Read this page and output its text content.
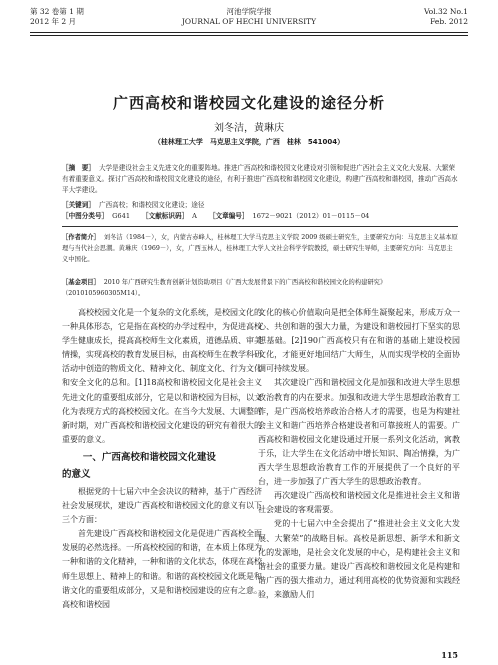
第 32 卷第 1 期
2012 年 2 月
河池学院学报
JOURNAL OF HECHI UNIVERSITY
Vol.32 No.1
Feb. 2012
广西高校和谐校园文化建设的途径分析
刘冬洁，黄琳庆
（桂林理工大学　马克思主义学院，广西　桂林　541004）
［摘　要］ 大学是建设社会主义先进文化的重要阵地。推进广西高校和谐校园文化建设对引领和促进广西社会主义文化大发展、大繁荣有着重要意义。探讨广西高校和谐校园文化建设的途径，有利于推进广西高校和谐校园文化建设，构建广西高校和谐校园，推动广西高水平大学建设。
［关键词］ 广西高校；和谐校园文化建设；途径
［中图分类号］ G641 ［文献标识码］ A ［文章编号］ 1672－9021（2012）01－0115－04
［作者简介］ 刘冬洁（1984－），女，内蒙古赤峰人，桂林理工大学马克思主义学院 2009 级硕士研究生，主要研究方向：马克思主义基本原理与当代社会思潮。黄琳庆（1969－），女，广西玉林人，桂林理工大学人文社会科学学院教授，硕士研究生导师，主要研究方向：马克思主义中国化。
［基金项目］ 2010 年广西研究生教育创新计划资助项目《广西大发展背景下的广西高校和谐校园文化的构建研究》（2010105960305M14）。

高校校园文化是一个复杂的文化系统，是校园文化的一种具体形态，它是指在高校的办学过程中，为促进高校学生健康成长，提高高校师生文化素质，道德品质、审美情操，实现高校的教育发展目标，由高校师生在教学科研活动中创造的物质文化、精神文化、制度文化、行为文化和安全文化的总和。[1]18高校和谐校园文化是社会主义先进文化的重要组成部分，它是以和谐校园为目标，以文化为表现方式的高校校园文化。在当今大发展、大调整的新时期，对广西高校和谐校园文化建设的研究有着很大的重要的意义。

一、广西高校和谐校园文化建设
的意义

根据党的十七届六中全会决议的精神，基于广西经济社会发展现状，建设广西高校和谐校园文化的意义有以下三个方面：

首先建设广西高校和谐校园文化是促进广西高校全面发展的必然选择。一所高校校园的和谐，在本质上体现为一种和谐的文化精神，一种和谐的文化状态，体现在高校师生思想上、精神上的和谐。和谐的高校校园文化既是和谐文化的重要组成部分，又是和谐校园建设的应有之意。高校和谐校园

文化的核心价值取向是把全体师生凝聚起来，形成万众一心、共创和谐的强大力量，为建设和谐校园打下坚实的思想基础。[2]190广西高校只有在和谐的基础上建设校园文化，才能更好地回结广大师生，从而实现学校的全面协调可持续发展。

其次建设广西和谐校园文化是加强和改进大学生思想政治教育的内在要求。加强和改进大学生思想政治教育工作，是广西高校培养政治合格人才的需要，也是为构建社会主义和谐广西培养合格建设者和可靠接班人的需要。广西高校和谐校园文化建设通过开展一系列文化活动，寓教于乐，让大学生在文化活动中增长知识、陶冶情操，为广西大学生思想政治教育工作的开展提供了一个良好的平台，进一步加强了广西大学生的思想政治教育。

再次建设广西高校和谐校园文化是推进社会主义和谐社会建设的客观需要。

党的十七届六中全会提出了“推进社会主义文化大发展、大繁荣”的战略目标。高校是新思想、新学术和新文化的发源地，是社会文化发展的中心，是构建社会主义和谐社会的重要力量。建设广西高校和谐校园文化是构建和谐广西的强大推动力，通过利用高校的优势资源和实践经验，来激励人们

115
